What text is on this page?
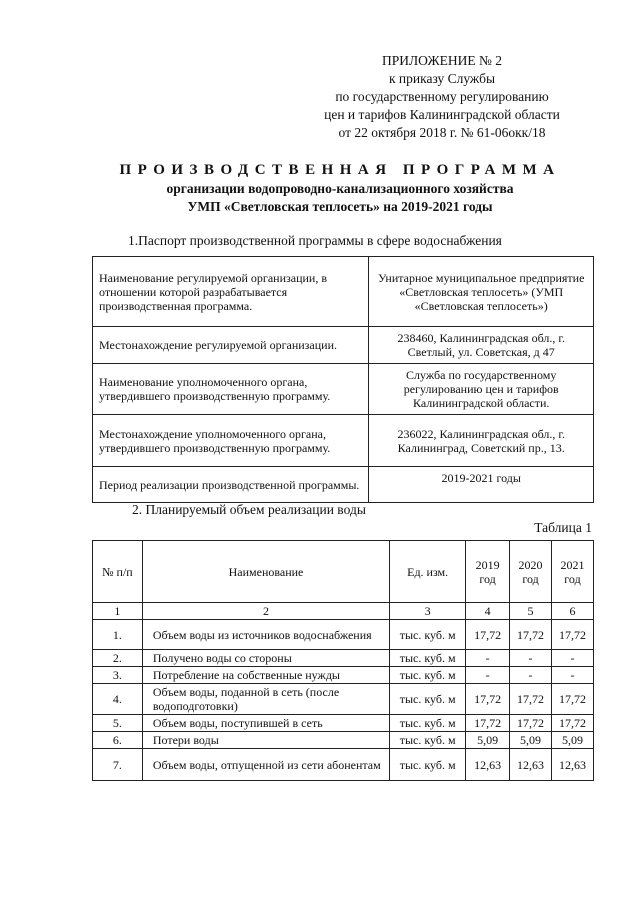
ПРИЛОЖЕНИЕ № 2
к приказу Службы
по государственному регулированию
цен и тарифов Калининградской области
от 22 октября 2018 г. № 61-06окк/18
ПРОИЗВОДСТВЕННАЯ ПРОГРАММА
организации водопроводно-канализационного хозяйства
УМП «Светловская теплосеть» на 2019-2021 годы
1.Паспорт производственной программы в сфере водоснабжения
Наименование регулируемой организации, в отношении которой разрабатывается производственная программа.	Унитарное муниципальное предприятие «Светловская теплосеть» (УМП «Светловская теплосеть»)
Местонахождение регулируемой организации.	238460, Калининградская обл., г. Светлый, ул. Советская, д 47
Наименование уполномоченного органа, утвердившего производственную программу.	Служба по государственному регулированию цен и тарифов Калининградской области.
Местонахождение уполномоченного органа, утвердившего производственную программу.	236022, Калининградская обл., г. Калининград, Советский пр., 13.
Период реализации производственной программы.	2019-2021 годы
2. Планируемый объем реализации воды
Таблица 1
№ п/п	Наименование	Ед. изм.	2019 год	2020 год	2021 год
1	2	3	4	5	6
1.	Объем воды из источников водоснабжения	тыс. куб. м	17,72	17,72	17,72
2.	Получено воды со стороны	тыс. куб. м	-	-	-
3.	Потребление на собственные нужды	тыс. куб. м	-	-	-
4.	Объем воды, поданной в сеть (после водоподготовки)	тыс. куб. м	17,72	17,72	17,72
5.	Объем воды, поступившей в сеть	тыс. куб. м	17,72	17,72	17,72
6.	Потери воды	тыс. куб. м	5,09	5,09	5,09
7.	Объем воды, отпущенной из сети абонентам	тыс. куб. м	12,63	12,63	12,63
